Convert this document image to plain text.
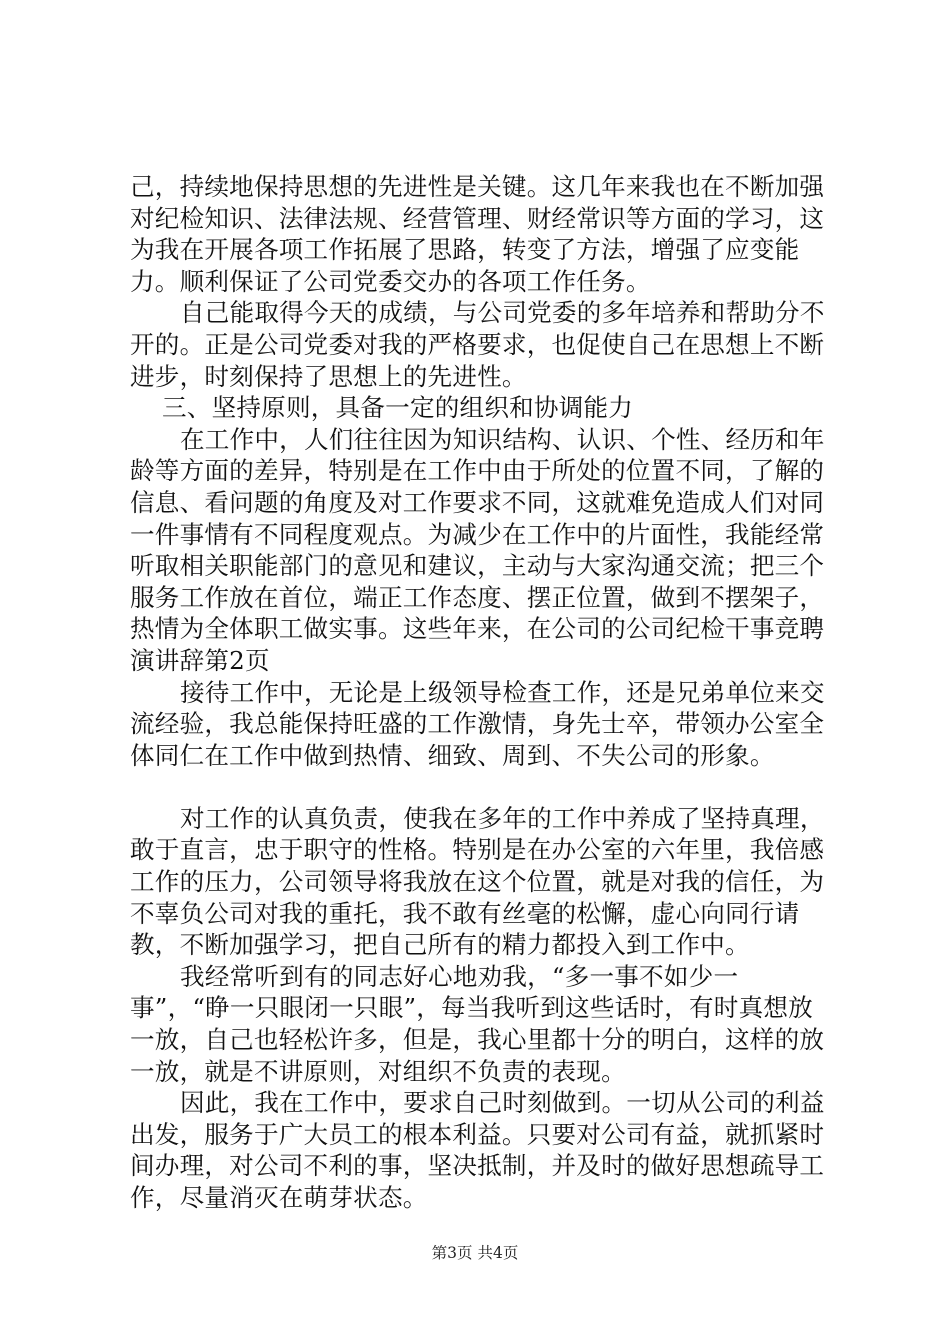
己，持续地保持思想的先进性是关键。这几年来我也在不断加强对纪检知识、法律法规、经营管理、财经常识等方面的学习，这为我在开展各项工作拓展了思路，转变了方法，增强了应变能力。顺利保证了公司党委交办的各项工作任务。

自己能取得今天的成绩，与公司党委的多年培养和帮助分不开的。正是公司党委对我的严格要求，也促使自己在思想上不断进步，时刻保持了思想上的先进性。

三、坚持原则，具备一定的组织和协调能力

在工作中，人们往往因为知识结构、认识、个性、经历和年龄等方面的差异，特别是在工作中由于所处的位置不同，了解的信息、看问题的角度及对工作要求不同，这就难免造成人们对同一件事情有不同程度观点。为减少在工作中的片面性，我能经常听取相关职能部门的意见和建议，主动与大家沟通交流；把三个服务工作放在首位，端正工作态度、摆正位置，做到不摆架子，热情为全体职工做实事。这些年来，在公司的公司纪检干事竞聘演讲辞第2页

接待工作中，无论是上级领导检查工作，还是兄弟单位来交流经验，我总能保持旺盛的工作激情，身先士卒，带领办公室全体同仁在工作中做到热情、细致、周到、不失公司的形象。

对工作的认真负责，使我在多年的工作中养成了坚持真理，敢于直言，忠于职守的性格。特别是在办公室的六年里，我倍感工作的压力，公司领导将我放在这个位置，就是对我的信任，为不辜负公司对我的重托，我不敢有丝毫的松懈，虚心向同行请教，不断加强学习，把自己所有的精力都投入到工作中。

我经常听到有的同志好心地劝我，“多一事不如少一事”，“睁一只眼闭一只眼”，每当我听到这些话时，有时真想放一放，自己也轻松许多，但是，我心里都十分的明白，这样的放一放，就是不讲原则，对组织不负责的表现。

因此，我在工作中，要求自己时刻做到。一切从公司的利益出发，服务于广大员工的根本利益。只要对公司有益，就抓紧时间办理，对公司不利的事，坚决抵制，并及时的做好思想疏导工作，尽量消灭在萌芽状态。

第3页 共4页
